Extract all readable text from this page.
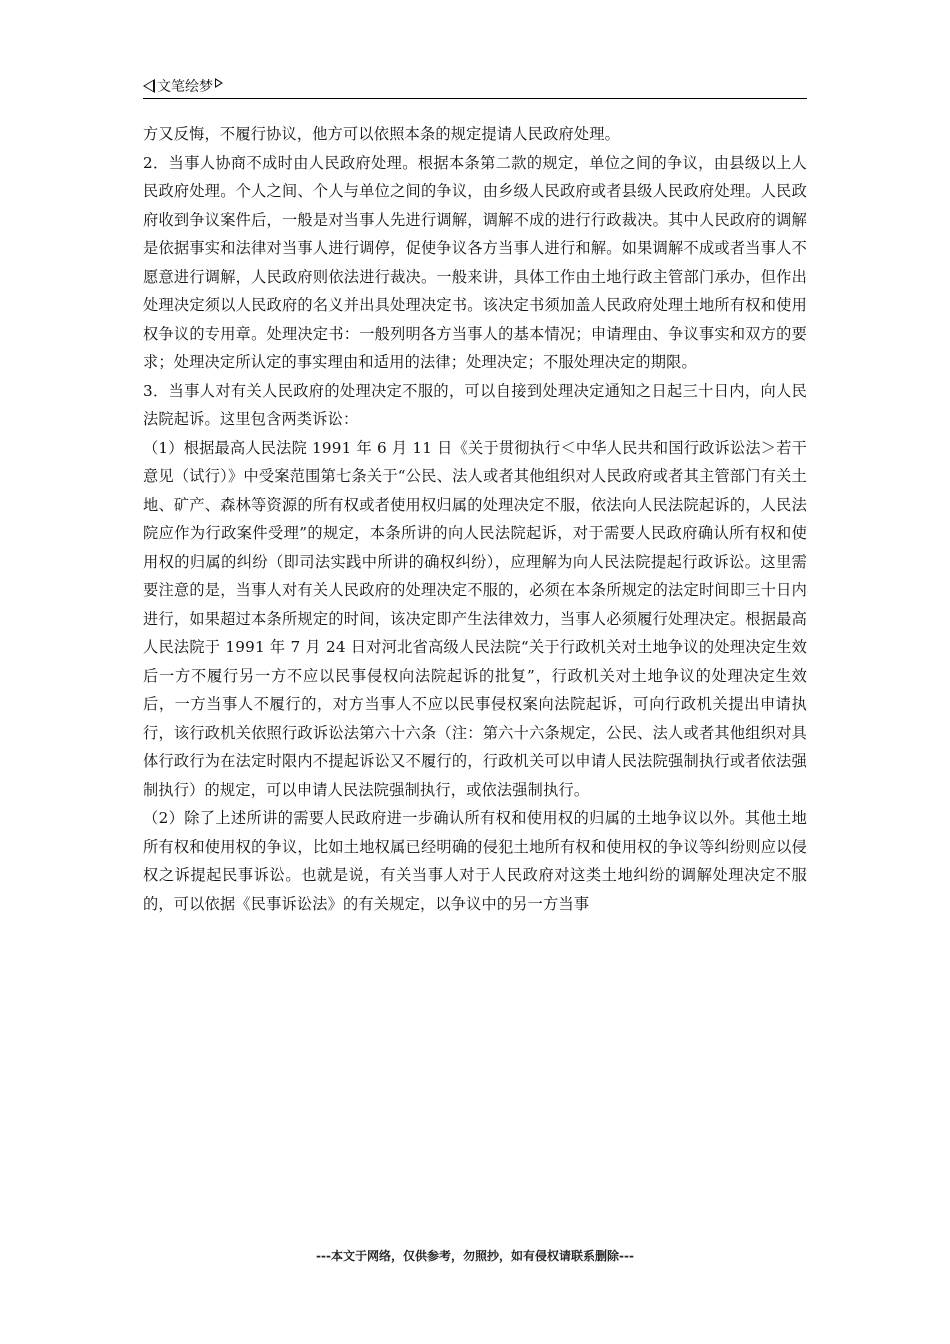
文笔绘梦

方又反悔，不履行协议，他方可以依照本条的规定提请人民政府处理。

2．当事人协商不成时由人民政府处理。根据本条第二款的规定，单位之间的争议，由县级以上人民政府处理。个人之间、个人与单位之间的争议，由乡级人民政府或者县级人民政府处理。人民政府收到争议案件后，一般是对当事人先进行调解，调解不成的进行行政裁决。其中人民政府的调解是依据事实和法律对当事人进行调停，促使争议各方当事人进行和解。如果调解不成或者当事人不愿意进行调解，人民政府则依法进行裁决。一般来讲，具体工作由土地行政主管部门承办，但作出处理决定须以人民政府的名义并出具处理决定书。该决定书须加盖人民政府处理土地所有权和使用权争议的专用章。处理决定书：一般列明各方当事人的基本情况；申请理由、争议事实和双方的要求；处理决定所认定的事实理由和适用的法律；处理决定；不服处理决定的期限。

3．当事人对有关人民政府的处理决定不服的，可以自接到处理决定通知之日起三十日内，向人民法院起诉。这里包含两类诉讼：

（1）根据最高人民法院 1991 年 6 月 11 日《关于贯彻执行＜中华人民共和国行政诉讼法＞若干意见（试行）》中受案范围第七条关于“公民、法人或者其他组织对人民政府或者其主管部门有关土地、矿产、森林等资源的所有权或者使用权归属的处理决定不服，依法向人民法院起诉的，人民法院应作为行政案件受理”的规定，本条所讲的向人民法院起诉，对于需要人民政府确认所有权和使用权的归属的纠纷（即司法实践中所讲的确权纠纷），应理解为向人民法院提起行政诉讼。这里需要注意的是，当事人对有关人民政府的处理决定不服的，必须在本条所规定的法定时间即三十日内进行，如果超过本条所规定的时间，该决定即产生法律效力，当事人必须履行处理决定。根据最高人民法院于 1991 年 7 月 24 日对河北省高级人民法院“关于行政机关对土地争议的处理决定生效后一方不履行另一方不应以民事侵权向法院起诉的批复”，行政机关对土地争议的处理决定生效后，一方当事人不履行的，对方当事人不应以民事侵权案向法院起诉，可向行政机关提出申请执行，该行政机关依照行政诉讼法第六十六条（注：第六十六条规定，公民、法人或者其他组织对具体行政行为在法定时限内不提起诉讼又不履行的，行政机关可以申请人民法院强制执行或者依法强制执行）的规定，可以申请人民法院强制执行，或依法强制执行。

（2）除了上述所讲的需要人民政府进一步确认所有权和使用权的归属的土地争议以外。其他土地所有权和使用权的争议，比如土地权属已经明确的侵犯土地所有权和使用权的争议等纠纷则应以侵权之诉提起民事诉讼。也就是说，有关当事人对于人民政府对这类土地纠纷的调解处理决定不服的，可以依据《民事诉讼法》的有关规定，以争议中的另一方当事

---本文于网络，仅供参考，勿照抄，如有侵权请联系删除---
